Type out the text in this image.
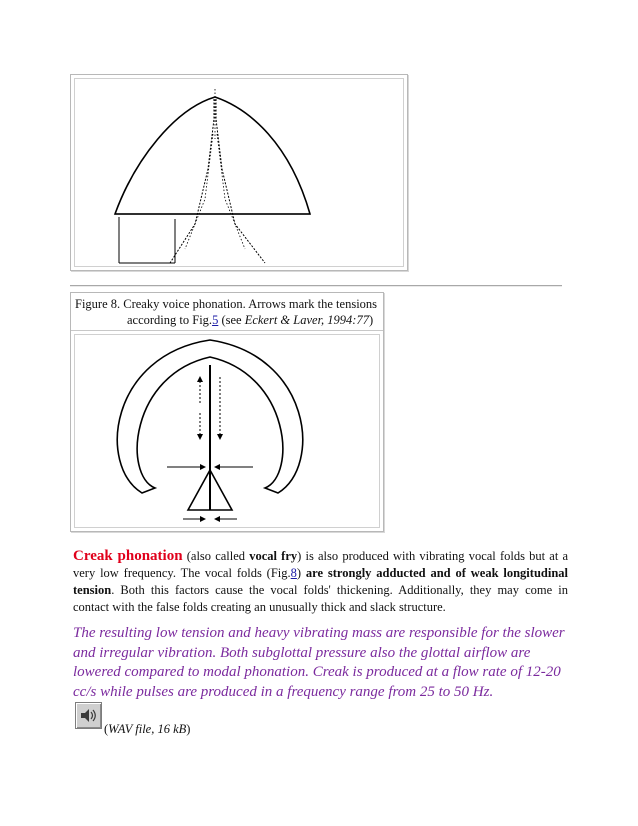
Figure 8. Creaky voice phonation. Arrows mark the tensions
according to Fig.5 (see Eckert & Laver, 1994:77)
Creak phonation (also called vocal fry) is also produced with vibrating vocal folds but at a very low frequency. The vocal folds (Fig.8) are strongly adducted and of weak longitudinal tension. Both this factors cause the vocal folds' thickening. Additionally, they may come in contact with the false folds creating an unusually thick and slack structure.
The resulting low tension and heavy vibrating mass are responsible for the slower and irregular vibration. Both subglottal pressure also the glottal airflow are lowered compared to modal phonation. Creak is produced at a flow rate of 12-20 cc/s while pulses are produced in a frequency range from 25 to 50 Hz.
(WAV file, 16 kB)
